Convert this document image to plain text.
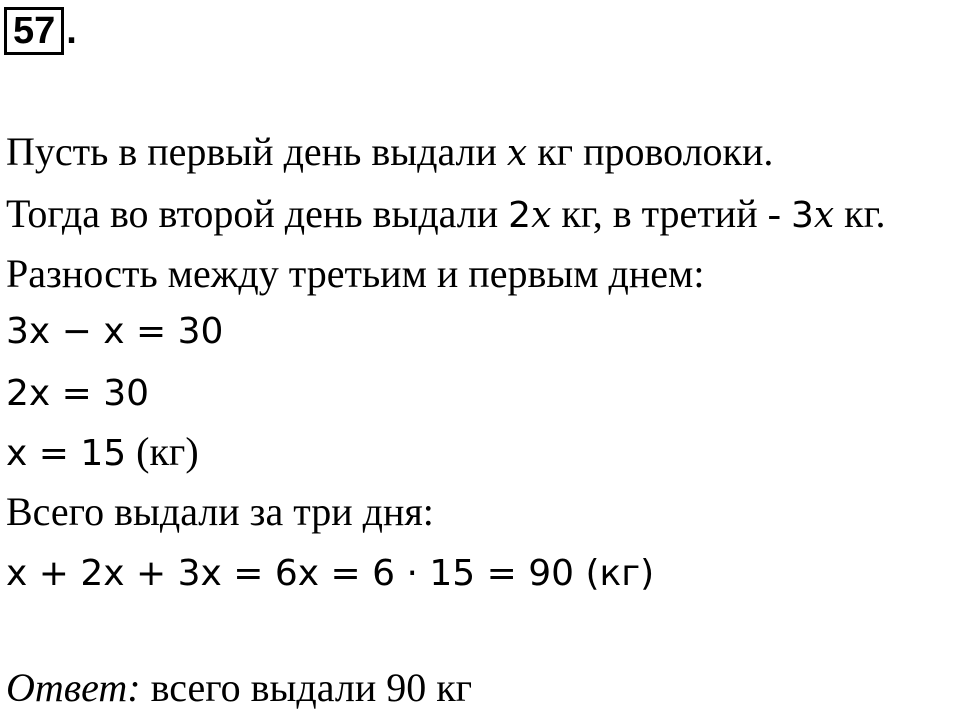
57 .
Пусть в первый день выдали x кг проволоки.
Тогда во второй день выдали 2x кг, в третий - 3x кг.
Разность между третьим и первым днем:
3x − x = 30
2x = 30
x = 15 (кг)
Всего выдали за три дня:
x + 2x + 3x = 6x = 6 · 15 = 90 (кг)
Ответ: всего выдали 90 кг
